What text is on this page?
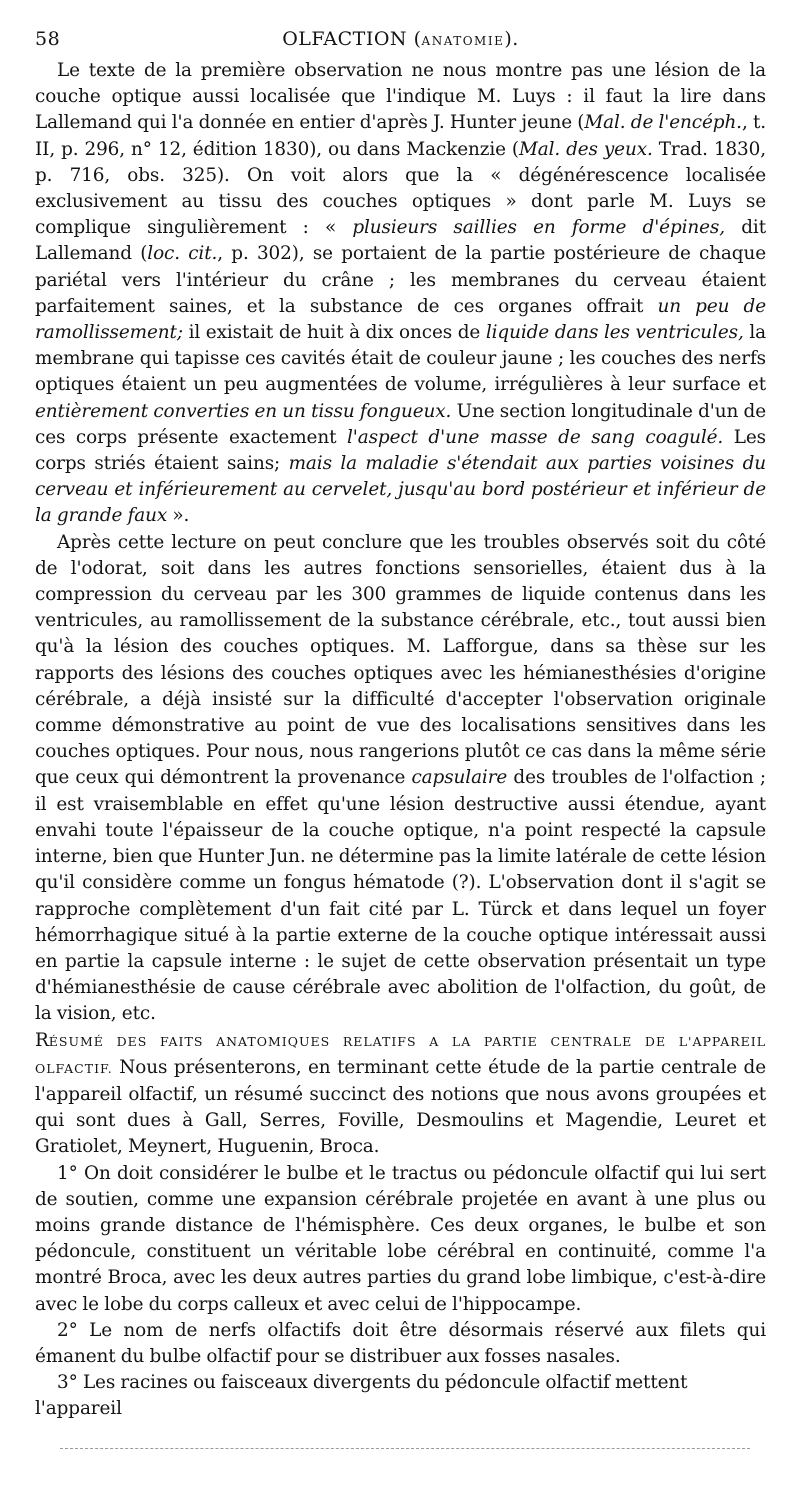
58	OLFACTION (ANATOMIE).

Le texte de la première observation ne nous montre pas une lésion de la couche optique aussi localisée que l'indique M. Luys : il faut la lire dans Lallemand qui l'a donnée en entier d'après J. Hunter jeune (Mal. de l'encéph., t. II, p. 296, n° 12, édition 1830), ou dans Mackenzie (Mal. des yeux. Trad. 1830, p. 716, obs. 325). On voit alors que la « dégénérescence localisée exclusivement au tissu des couches optiques » dont parle M. Luys se complique singulièrement : « plusieurs saillies en forme d'épines, dit Lallemand (loc. cit., p. 302), se portaient de la partie postérieure de chaque pariétal vers l'intérieur du crâne ; les membranes du cerveau étaient parfaitement saines, et la substance de ces organes offrait un peu de ramollissement; il existait de huit à dix onces de liquide dans les ventricules, la membrane qui tapisse ces cavités était de couleur jaune ; les couches des nerfs optiques étaient un peu augmentées de volume, irrégulières à leur surface et entièrement converties en un tissu fongueux. Une section longitudinale d'un de ces corps présente exactement l'aspect d'une masse de sang coagulé. Les corps striés étaient sains; mais la maladie s'étendait aux parties voisines du cerveau et inférieurement au cervelet, jusqu'au bord postérieur et inférieur de la grande faux ».

Après cette lecture on peut conclure que les troubles observés soit du côté de l'odorat, soit dans les autres fonctions sensorielles, étaient dus à la compression du cerveau par les 300 grammes de liquide contenus dans les ventricules, au ramollissement de la substance cérébrale, etc., tout aussi bien qu'à la lésion des couches optiques. M. Lafforgue, dans sa thèse sur les rapports des lésions des couches optiques avec les hémianesthésies d'origine cérébrale, a déjà insisté sur la difficulté d'accepter l'observation originale comme démonstrative au point de vue des localisations sensitives dans les couches optiques. Pour nous, nous rangerions plutôt ce cas dans la même série que ceux qui démontrent la provenance capsulaire des troubles de l'olfaction ; il est vraisemblable en effet qu'une lésion destructive aussi étendue, ayant envahi toute l'épaisseur de la couche optique, n'a point respecté la capsule interne, bien que Hunter Jun. ne détermine pas la limite latérale de cette lésion qu'il considère comme un fongus hématode (?). L'observation dont il s'agit se rapproche complètement d'un fait cité par L. Türck et dans lequel un foyer hémorrhagique situé à la partie externe de la couche optique intéressait aussi en partie la capsule interne : le sujet de cette observation présentait un type d'hémianesthésie de cause cérébrale avec abolition de l'olfaction, du goût, de la vision, etc.

RÉSUMÉ DES FAITS ANATOMIQUES RELATIFS A LA PARTIE CENTRALE DE L'APPAREIL OLFACTIF. Nous présenterons, en terminant cette étude de la partie centrale de l'appareil olfactif, un résumé succinct des notions que nous avons groupées et qui sont dues à Gall, Serres, Foville, Desmoulins et Magendie, Leuret et Gratiolet, Meynert, Huguenin, Broca.

1° On doit considérer le bulbe et le tractus ou pédoncule olfactif qui lui sert de soutien, comme une expansion cérébrale projetée en avant à une plus ou moins grande distance de l'hémisphère. Ces deux organes, le bulbe et son pédoncule, constituent un véritable lobe cérébral en continuité, comme l'a montré Broca, avec les deux autres parties du grand lobe limbique, c'est-à-dire avec le lobe du corps calleux et avec celui de l'hippocampe.

2° Le nom de nerfs olfactifs doit être désormais réservé aux filets qui émanent du bulbe olfactif pour se distribuer aux fosses nasales.

3° Les racines ou faisceaux divergents du pédoncule olfactif mettent l'appareil
